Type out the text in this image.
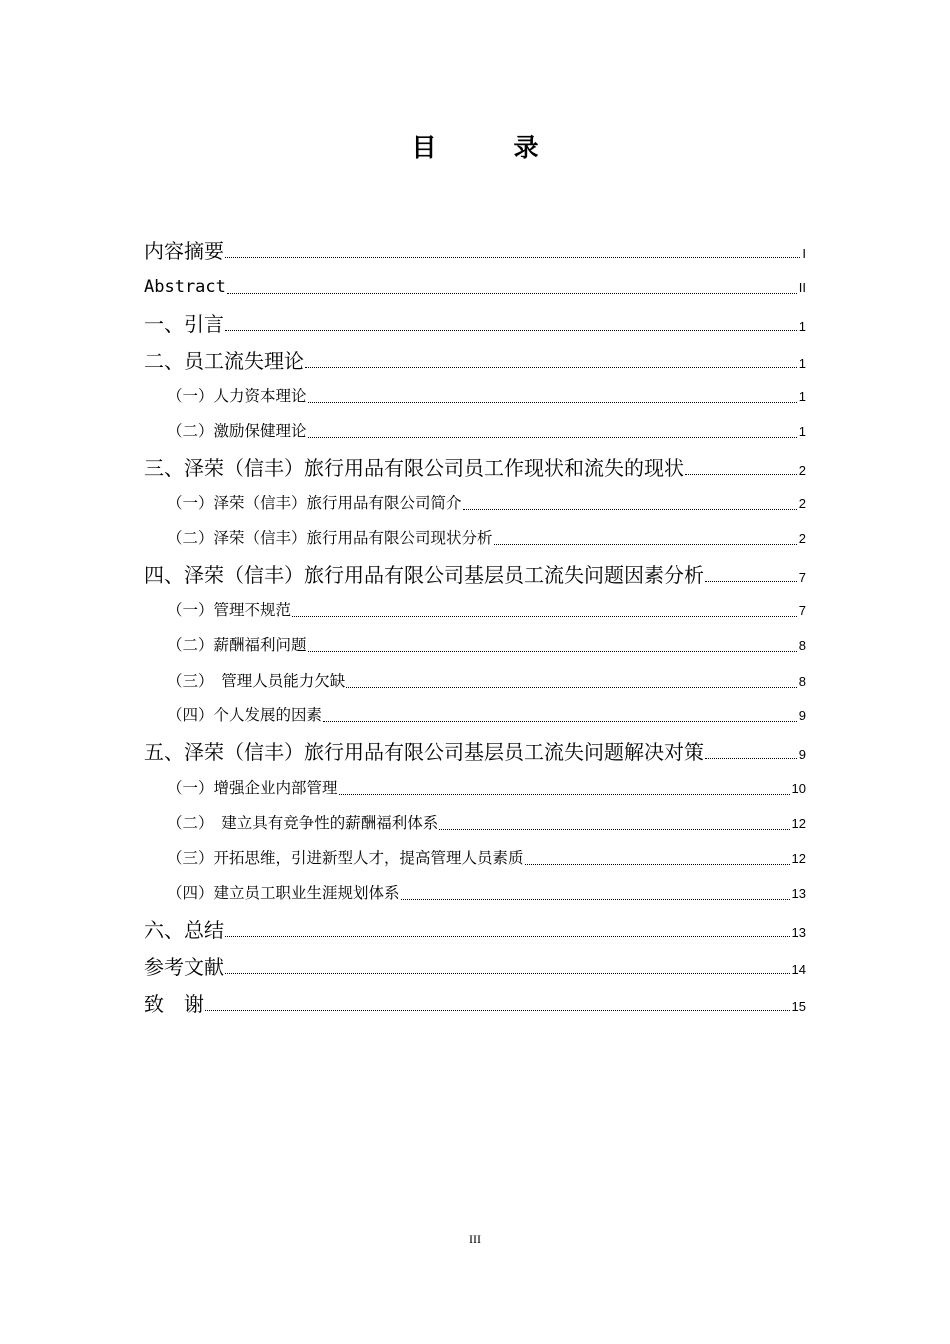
目　录
内容摘要	I
Abstract	II
一、引言	1
二、员工流失理论	1
（一）人力资本理论	1
（二）激励保健理论	1
三、泽荣（信丰）旅行用品有限公司员工作现状和流失的现状	2
（一）泽荣（信丰）旅行用品有限公司简介	2
（二）泽荣（信丰）旅行用品有限公司现状分析	2
四、泽荣（信丰）旅行用品有限公司基层员工流失问题因素分析	7
（一）管理不规范	7
（二）薪酬福利问题	8
（三）　管理人员能力欠缺	8
（四）个人发展的因素	9
五、泽荣（信丰）旅行用品有限公司基层员工流失问题解决对策	9
（一）增强企业内部管理	10
（二）　建立具有竞争性的薪酬福利体系	12
（三）开拓思维，引进新型人才，提高管理人员素质	12
（四）建立员工职业生涯规划体系	13
六、总结	13
参考文献	14
致　谢	15
III
